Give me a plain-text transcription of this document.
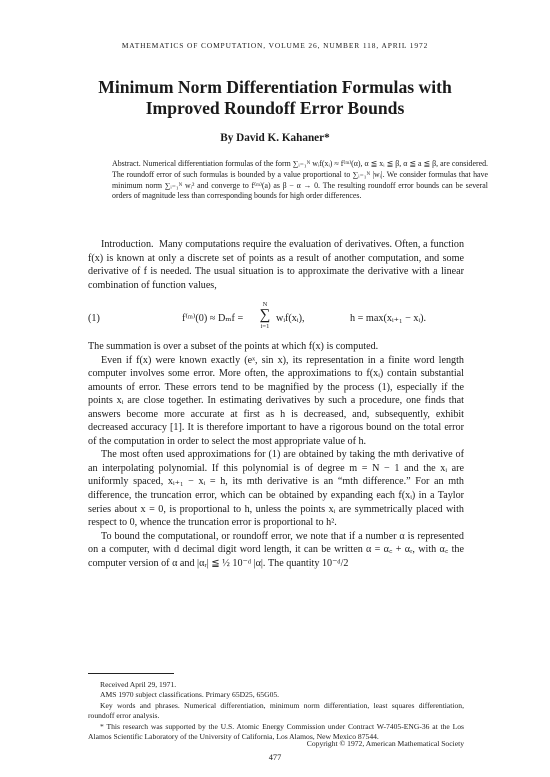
MATHEMATICS OF COMPUTATION, VOLUME 26, NUMBER 118, APRIL 1972
Minimum Norm Differentiation Formulas with
Improved Roundoff Error Bounds
By David K. Kahaner*
Abstract. Numerical differentiation formulas of the form ∑ᵢ₌₁ᴺ wᵢf(xᵢ) ≈ f⁽ᵐ⁾(α), α ≦ xᵢ ≦ β, α ≦ a ≦ β, are considered. The roundoff error of such formulas is bounded by a value proportional to ∑ᵢ₌₁ᴺ |wᵢ|. We consider formulas that have minimum norm ∑ᵢ₌₁ᴺ wᵢ² and converge to f⁽ᵐ⁾(a) as β − α → 0. The resulting roundoff error bounds can be several orders of magnitude less than corresponding bounds for high order differences.

Introduction. Many computations require the evaluation of derivatives. Often, a function f(x) is known at only a discrete set of points as a result of another computation, and some derivative of f is needed. The usual situation is to approximate the derivative with a linear combination of function values,

(1)	f⁽ᵐ⁾(0) ≈ Dₘf =
N
∑
i=1
wᵢf(xᵢ),	h = max(xᵢ₊₁ − xᵢ).

The summation is over a subset of the points at which f(x) is computed.

Even if f(x) were known exactly (eˣ, sin x), its representation in a finite word length computer involves some error. More often, the approximations to f(xᵢ) contain substantial amounts of error. These errors tend to be magnified by the process (1), especially if the points xᵢ are close together. In estimating derivatives by such a procedure, one finds that answers become more accurate at first as h is decreased, and, subsequently, exhibit decreased accuracy [1]. It is therefore important to have a rigorous bound on the total error of the computation in order to select the most appropriate value of h.

The most often used approximations for (1) are obtained by taking the mth derivative of an interpolating polynomial. If this polynomial is of degree m = N − 1 and the xᵢ are uniformly spaced, xᵢ₊₁ − xᵢ = h, its mth derivative is an “mth difference.” For an mth difference, the truncation error, which can be obtained by expanding each f(xᵢ) in a Taylor series about x = 0, is proportional to h, unless the points xᵢ are symmetrically placed with respect to 0, whence the truncation error is proportional to h².

To bound the computational, or roundoff error, we note that if a number α is represented on a computer, with d decimal digit word length, it can be written α = α꜀ + αᵣ, with α꜀ the computer version of α and |αᵣ| ≦ ½ 10⁻ᵈ |α|. The quantity 10⁻ᵈ/2

Received April 29, 1971.

AMS 1970 subject classifications. Primary 65D25, 65G05.

Key words and phrases. Numerical differentiation, minimum norm differentiation, least squares differentiation, roundoff error analysis.

* This research was supported by the U.S. Atomic Energy Commission under Contract W-7405-ENG-36 at the Los Alamos Scientific Laboratory of the University of California, Los Alamos, New Mexico 87544.

Copyright © 1972, American Mathematical Society
477
